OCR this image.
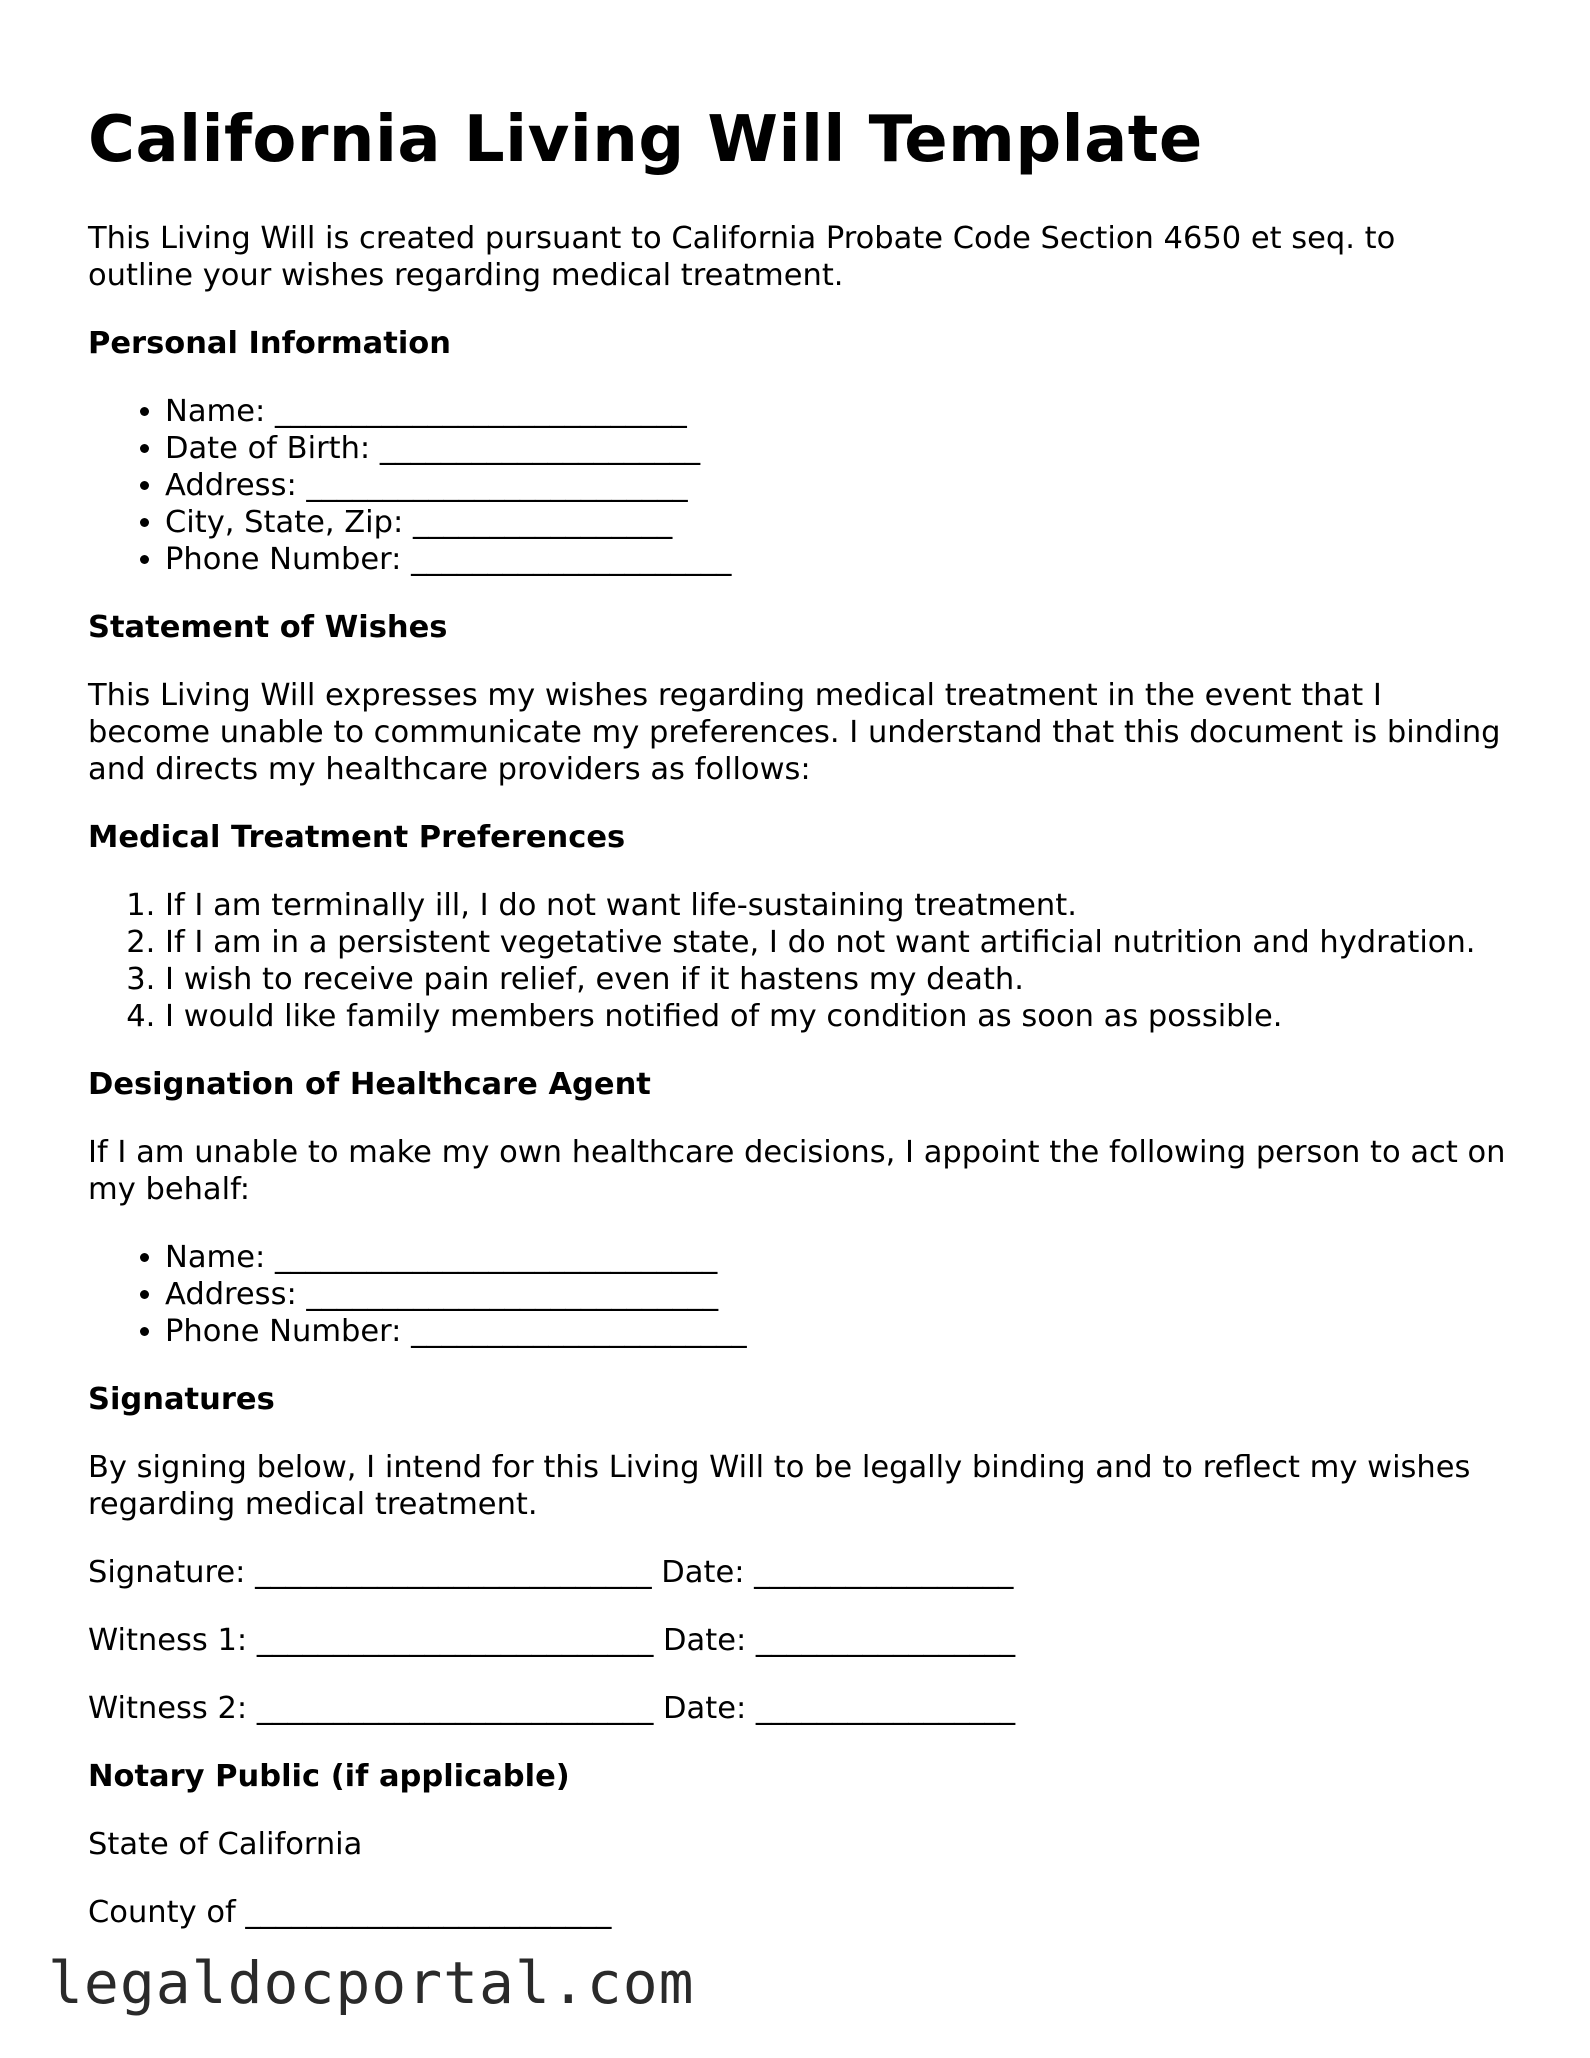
California Living Will Template

This Living Will is created pursuant to California Probate Code Section 4650 et seq. to outline your wishes regarding medical treatment.

Personal Information
• Name: ___________________________
• Date of Birth: _____________________
• Address: _________________________
• City, State, Zip: _________________
• Phone Number: _____________________
Statement of Wishes

This Living Will expresses my wishes regarding medical treatment in the event that I become unable to communicate my preferences. I understand that this document is binding and directs my healthcare providers as follows:

Medical Treatment Preferences
1. If I am terminally ill, I do not want life-sustaining treatment.
2. If I am in a persistent vegetative state, I do not want artificial nutrition and hydration.
3. I wish to receive pain relief, even if it hastens my death.
4. I would like family members notified of my condition as soon as possible.
Designation of Healthcare Agent

If I am unable to make my own healthcare decisions, I appoint the following person to act on my behalf:

• Name: _____________________________
• Address: ___________________________
• Phone Number: ______________________
Signatures

By signing below, I intend for this Living Will to be legally binding and to reflect my wishes regarding medical treatment.

Signature: __________________________ Date: _________________

Witness 1: __________________________ Date: _________________

Witness 2: __________________________ Date: _________________

Notary Public (if applicable)

State of California

County of ________________________

legaldocportal.com
